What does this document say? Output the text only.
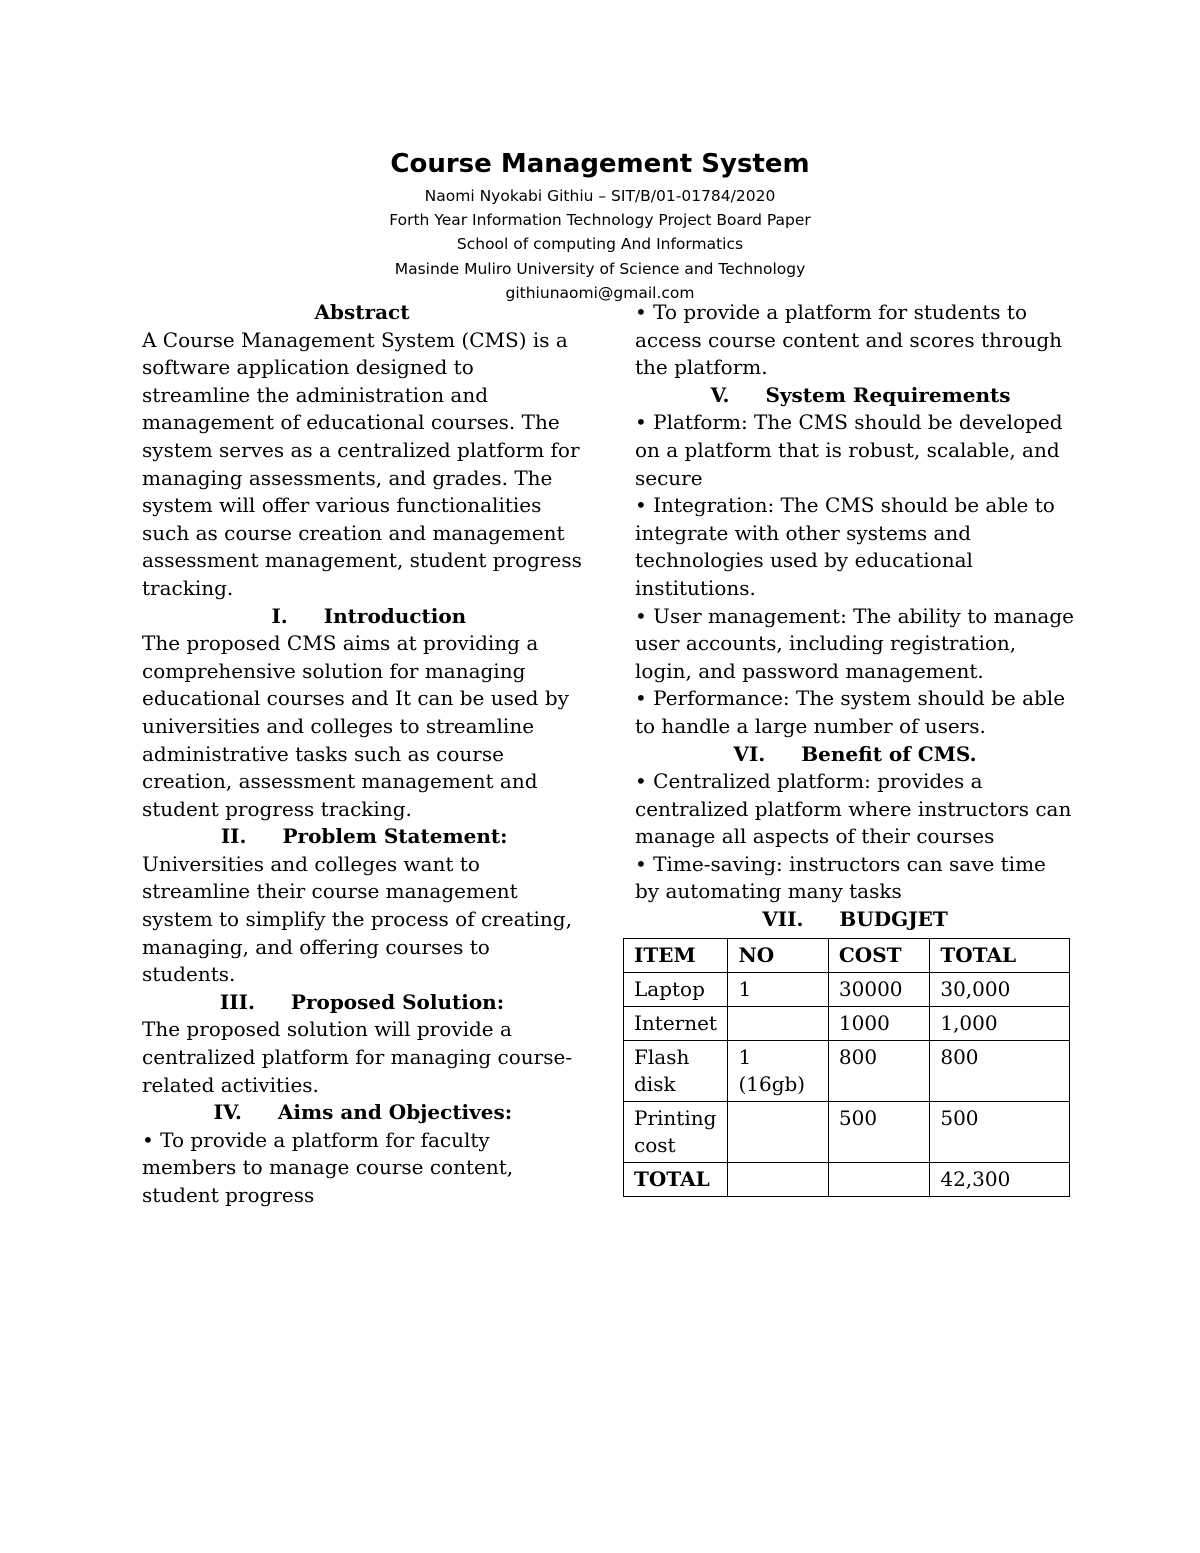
Course Management System
Naomi Nyokabi Githiu – SIT/B/01-01784/2020
Forth Year Information Technology Project Board Paper
School of computing And Informatics
Masinde Muliro University of Science and Technology
githiunaomi@gmail.com

Abstract

A Course Management System (CMS) is a software application designed to streamline the administration and management of educational courses. The system serves as a centralized platform for managing assessments, and grades. The system will offer various functionalities such as course creation and management assessment management, student progress tracking.

I. Introduction

The proposed CMS aims at providing a comprehensive solution for managing educational courses and It can be used by universities and colleges to streamline administrative tasks such as course creation, assessment management and student progress tracking.

II. Problem Statement:

Universities and colleges want to streamline their course management system to simplify the process of creating, managing, and offering courses to students.

III. Proposed Solution:

The proposed solution will provide a centralized platform for managing course-related activities.

IV. Aims and Objectives:

• To provide a platform for faculty members to manage course content, student progress

• To provide a platform for students to access course content and scores through the platform.

V. System Requirements

• Platform: The CMS should be developed on a platform that is robust, scalable, and secure

• Integration: The CMS should be able to integrate with other systems and technologies used by educational institutions.

• User management: The ability to manage user accounts, including registration, login, and password management.

• Performance: The system should be able to handle a large number of users.

VI. Benefit of CMS.

• Centralized platform: provides a centralized platform where instructors can manage all aspects of their courses

• Time-saving: instructors can save time by automating many tasks

VII. BUDGJET

ITEM	NO	COST	TOTAL
Laptop	1	30000	30,000
Internet		1000	1,000
Flash disk	1 (16gb)	800	800
Printing cost		500	500
TOTAL			42,300
